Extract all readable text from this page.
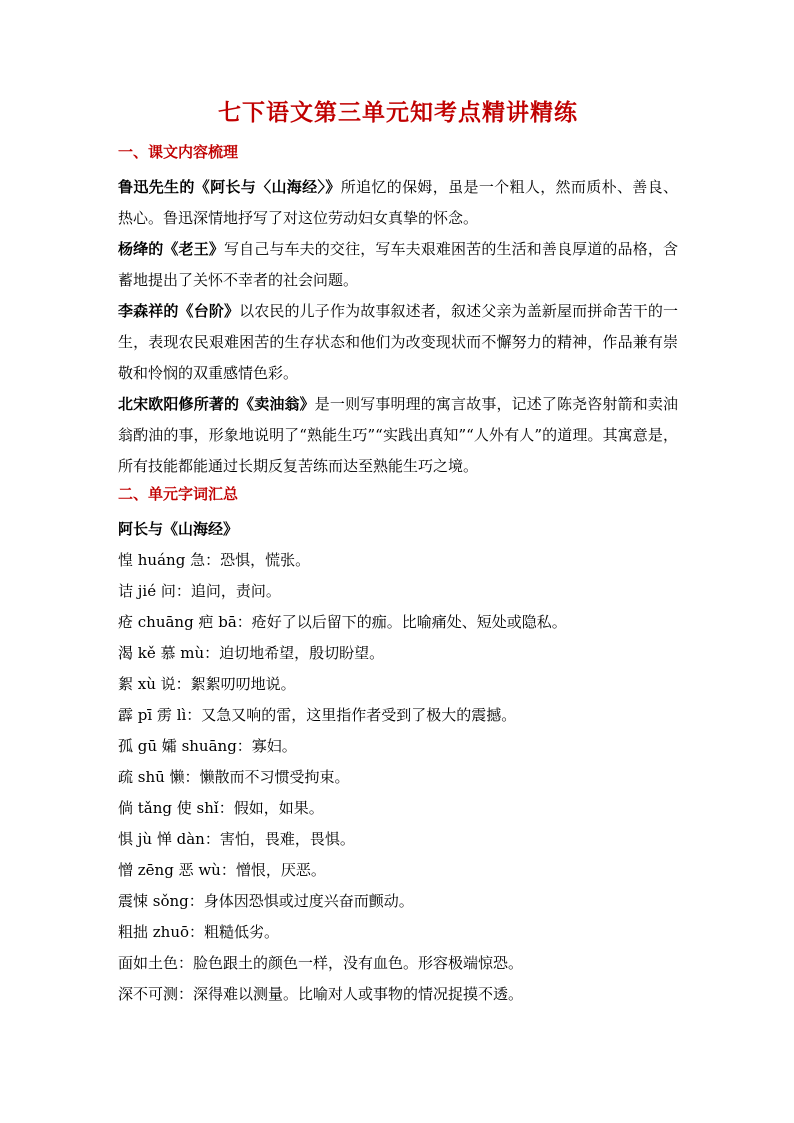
七下语文第三单元知考点精讲精练
一、课文内容梳理

鲁迅先生的《阿长与〈山海经〉》所追忆的保姆，虽是一个粗人，然而质朴、善良、热心。鲁迅深情地抒写了对这位劳动妇女真挚的怀念。

杨绛的《老王》写自己与车夫的交往，写车夫艰难困苦的生活和善良厚道的品格，含蓄地提出了关怀不幸者的社会问题。

李森祥的《台阶》以农民的儿子作为故事叙述者，叙述父亲为盖新屋而拼命苦干的一生，表现农民艰难困苦的生存状态和他们为改变现状而不懈努力的精神，作品兼有崇敬和怜悯的双重感情色彩。

北宋欧阳修所著的《卖油翁》是一则写事明理的寓言故事，记述了陈尧咨射箭和卖油翁酌油的事，形象地说明了“熟能生巧”“实践出真知”“人外有人”的道理。其寓意是，所有技能都能通过长期反复苦练而达至熟能生巧之境。

二、单元字词汇总

阿长与《山海经》

惶 huáng 急：恐惧，慌张。

诘 jié 问：追问，责问。

疮 chuāng 疤 bā：疮好了以后留下的痂。比喻痛处、短处或隐私。

渴 kě 慕 mù：迫切地希望，殷切盼望。

絮 xù 说：絮絮叨叨地说。

霹 pī 雳 lì：又急又响的雷，这里指作者受到了极大的震撼。

孤 gū 孀 shuāng：寡妇。

疏 shū 懒：懒散而不习惯受拘束。

倘 tǎng 使 shǐ：假如，如果。

惧 jù 惮 dàn：害怕，畏难，畏惧。

憎 zēng 恶 wù：憎恨，厌恶。

震悚 sǒng：身体因恐惧或过度兴奋而颤动。

粗拙 zhuō：粗糙低劣。

面如土色：脸色跟土的颜色一样，没有血色。形容极端惊恐。

深不可测：深得难以测量。比喻对人或事物的情况捉摸不透。
